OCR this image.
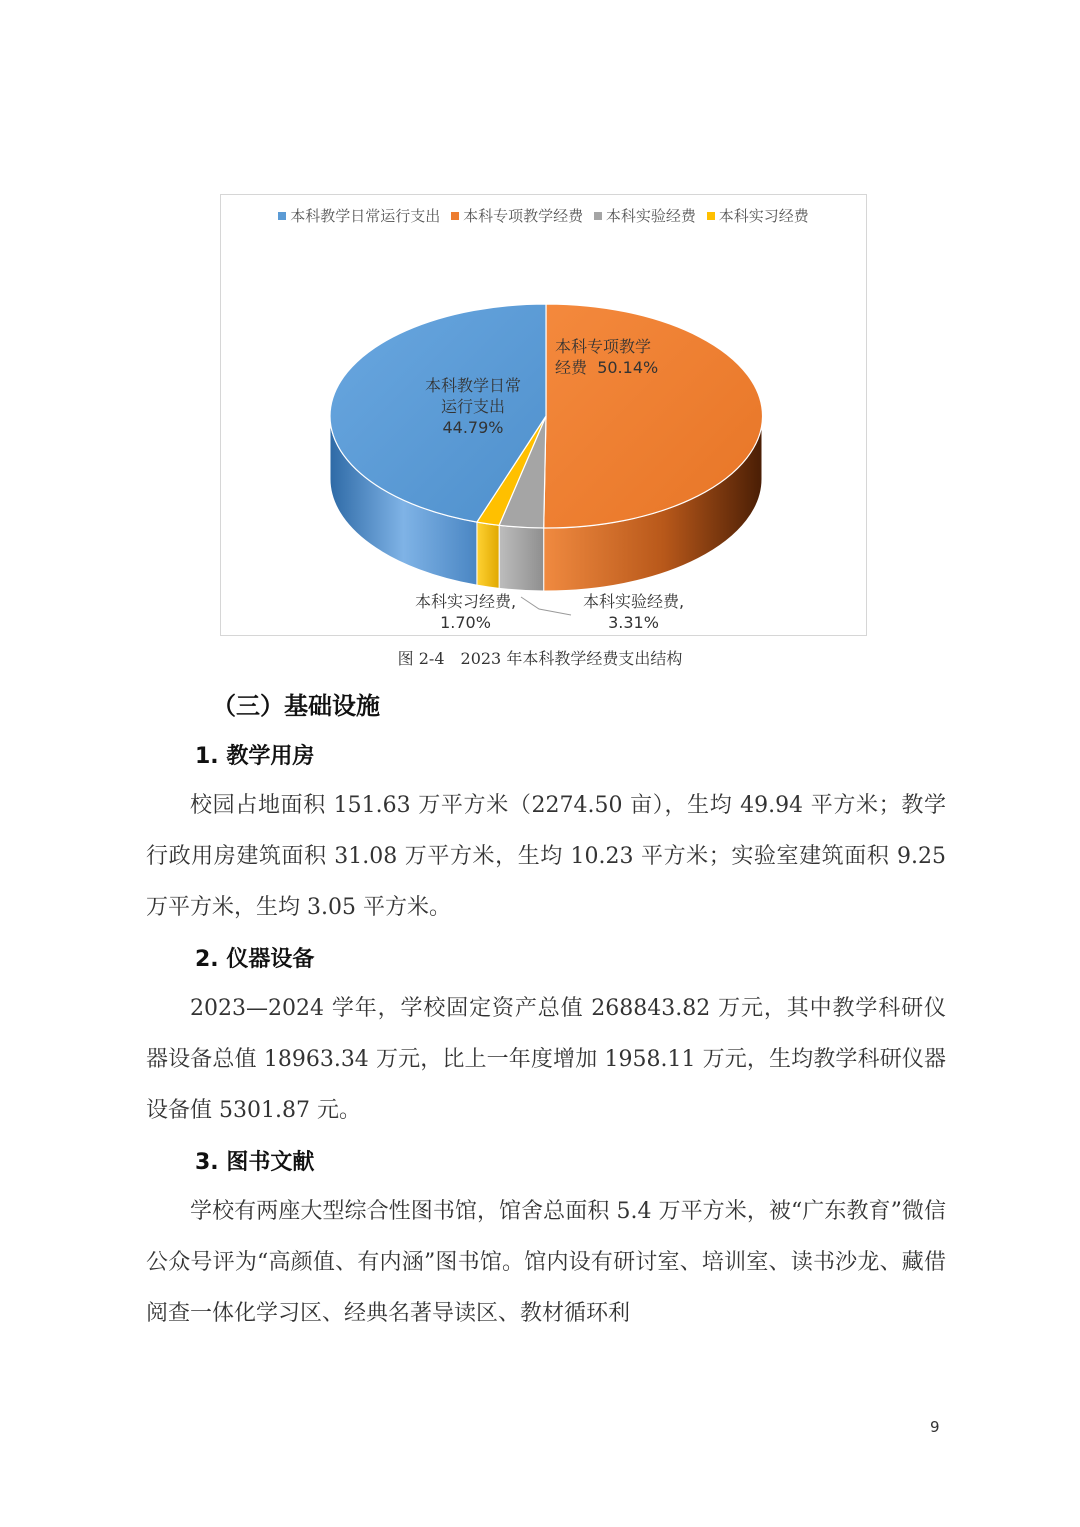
本科教学日常运行支出 本科专项教学经费 本科实验经费 本科实习经费
本科教学日常
运行支出
44.79%
本科专项教学
经费 50.14%
本科实验经费,
3.31%
本科实习经费,
1.70%
图 2-4　2023 年本科教学经费支出结构
（三）基础设施
1. 教学用房

校园占地面积 151.63 万平方米（2274.50 亩），生均 49.94 平方米；教学行政用房建筑面积 31.08 万平方米，生均 10.23 平方米；实验室建筑面积 9.25 万平方米，生均 3.05 平方米。

2. 仪器设备

2023—2024 学年，学校固定资产总值 268843.82 万元，其中教学科研仪器设备总值 18963.34 万元，比上一年度增加 1958.11 万元，生均教学科研仪器设备值 5301.87 元。

3. 图书文献

学校有两座大型综合性图书馆，馆舍总面积 5.4 万平方米，被“广东教育”微信公众号评为“高颜值、有内涵”图书馆。馆内设有研讨室、培训室、读书沙龙、藏借阅查一体化学习区、经典名著导读区、教材循环利

9
